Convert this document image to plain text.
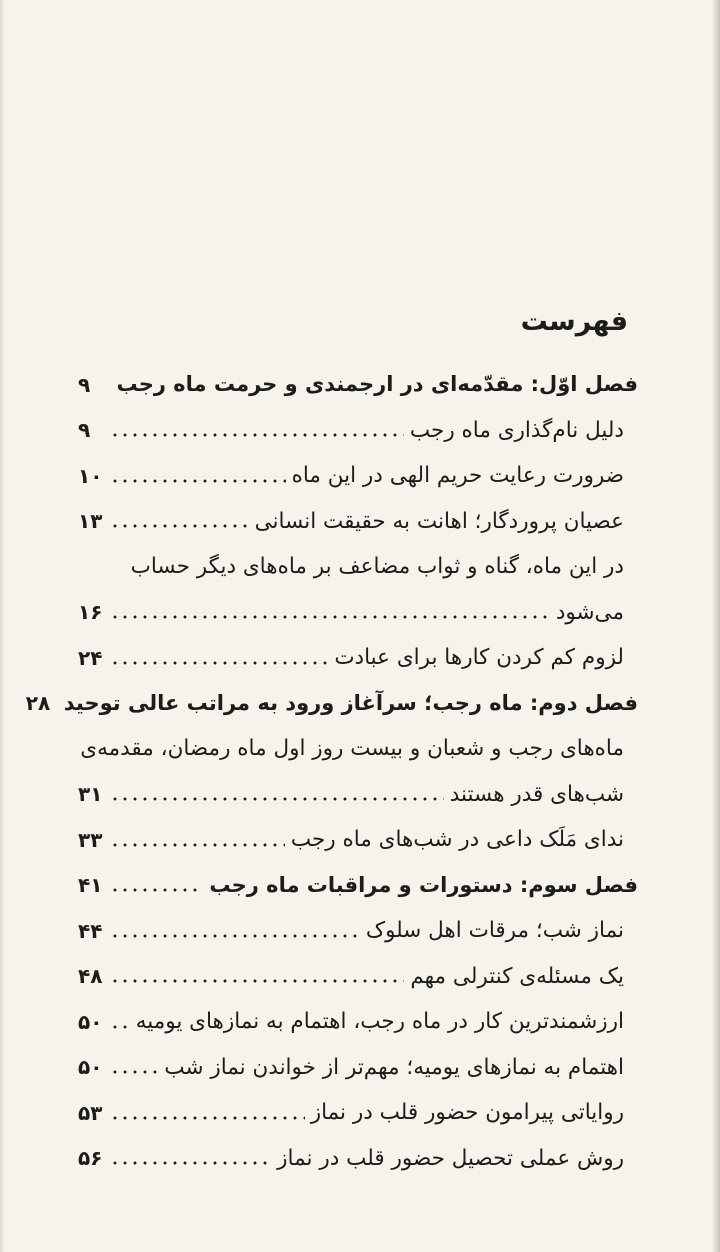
فهرست
فصل اوّل: مقدّمه‌ای در ارجمندی و حرمت ماه رجب
۹
دلیل نام‌گذاری ماه رجب
۹
ضرورت رعایت حریم الهی در این ماه
۱۰
عصیان پروردگار؛ اهانت به حقیقت انسانی
۱۳
در این ماه، گناه و ثواب مضاعف بر ماه‌های دیگر حساب
می‌شود
۱۶
لزوم کم کردن کارها برای عبادت
۲۴
فصل دوم: ماه رجب؛ سرآغاز ورود به مراتب عالی توحید
۲۸
ماه‌های رجب و شعبان و بیست روز اول ماه رمضان، مقدمه‌ی
شب‌های قدر هستند
۳۱
ندای مَلَک داعی در شب‌های ماه رجب
۳۳
فصل سوم: دستورات و مراقبات ماه رجب
۴۱
نماز شب؛ مرقات اهل سلوک
۴۴
یک مسئله‌ی کنترلی مهم
۴۸
ارزشمندترین کار در ماه رجب، اهتمام به نمازهای یومیه
۵۰
اهتمام به نمازهای یومیه؛ مهم‌تر از خواندن نماز شب
۵۰
روایاتی پیرامون حضور قلب در نماز
۵۳
روش عملی تحصیل حضور قلب در نماز
۵۶
